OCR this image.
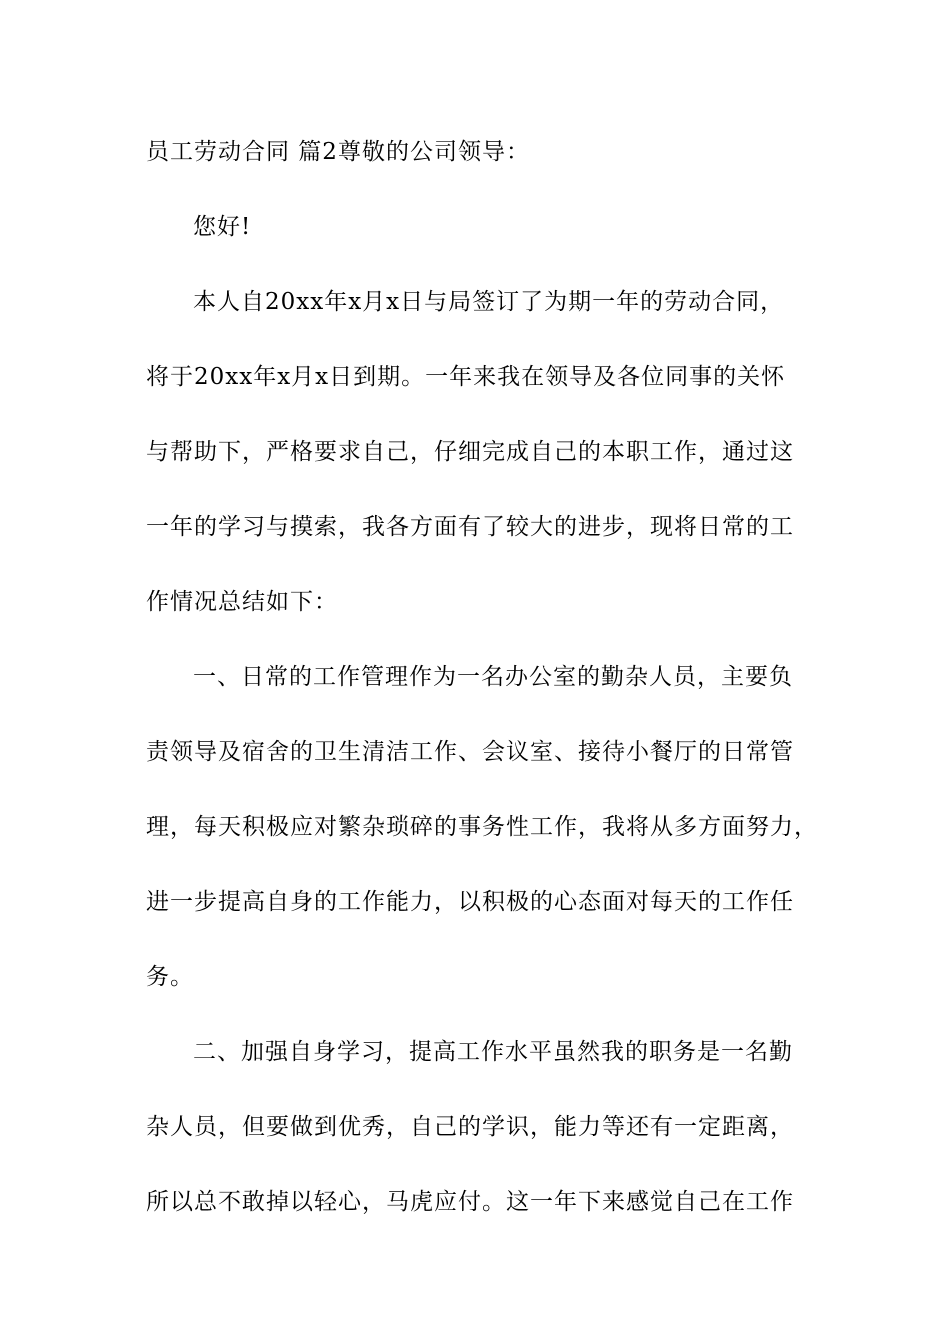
员工劳动合同 篇2尊敬的公司领导：
您好!
本人自20xx年x月x日与局签订了为期一年的劳动合同，
将于20xx年x月x日到期。一年来我在领导及各位同事的关怀
与帮助下，严格要求自己，仔细完成自己的本职工作，通过这
一年的学习与摸索，我各方面有了较大的进步，现将日常的工
作情况总结如下：
一、日常的工作管理作为一名办公室的勤杂人员，主要负
责领导及宿舍的卫生清洁工作、会议室、接待小餐厅的日常管
理，每天积极应对繁杂琐碎的事务性工作，我将从多方面努力，
进一步提高自身的工作能力，以积极的心态面对每天的工作任
务。
二、加强自身学习，提高工作水平虽然我的职务是一名勤
杂人员，但要做到优秀，自己的学识，能力等还有一定距离，
所以总不敢掉以轻心，马虎应付。这一年下来感觉自己在工作
